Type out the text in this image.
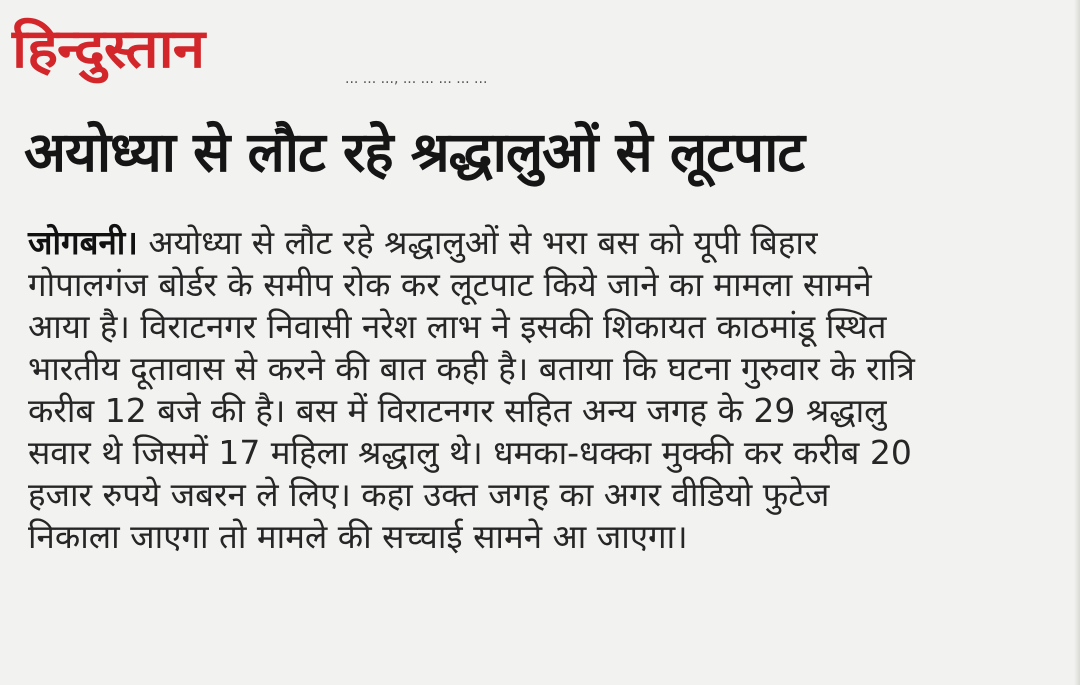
हिन्दुस्तान	... ... ..., ... ... ... ... ...
अयोध्या से लौट रहे श्रद्धालुओं से लूटपाट
जोगबनी। अयोध्या से लौट रहे श्रद्धालुओं से भरा बस को यूपी बिहार
गोपालगंज बोर्डर के समीप रोक कर लूटपाट किये जाने का मामला सामने
आया है। विराटनगर निवासी नरेश लाभ ने इसकी शिकायत काठमांडू स्थित
भारतीय दूतावास से करने की बात कही है। बताया कि घटना गुरुवार के रात्रि
करीब 12 बजे की है। बस में विराटनगर सहित अन्य जगह के 29 श्रद्धालु
सवार थे जिसमें 17 महिला श्रद्धालु थे। धमका-धक्का मुक्की कर करीब 20
हजार रुपये जबरन ले लिए। कहा उक्त जगह का अगर वीडियो फुटेज
निकाला जाएगा तो मामले की सच्चाई सामने आ जाएगा।
